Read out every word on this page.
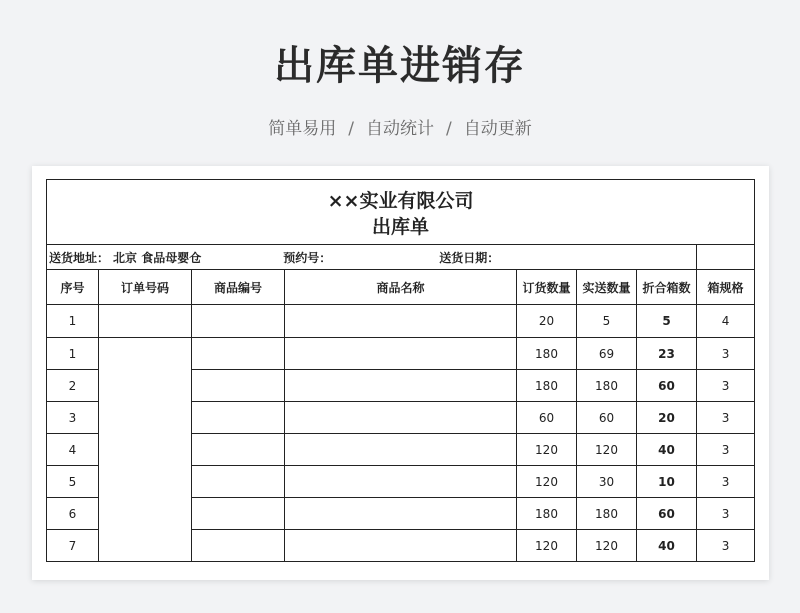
出库单进销存
简单易用 / 自动统计 / 自动更新
××实业有限公司
出库单							

送货地址： 北京 食品母婴仓 预约号： 送货日期：							

序号	订单号码	商品编号	商品名称	订货数量	实送数量	折合箱数	箱规格
1				20	5	5	4
1				180	69	23	3
2				180	180	60	3
3				60	60	20	3
4				120	120	40	3
5				120	30	10	3
6				180	180	60	3
7				120	120	40	3
